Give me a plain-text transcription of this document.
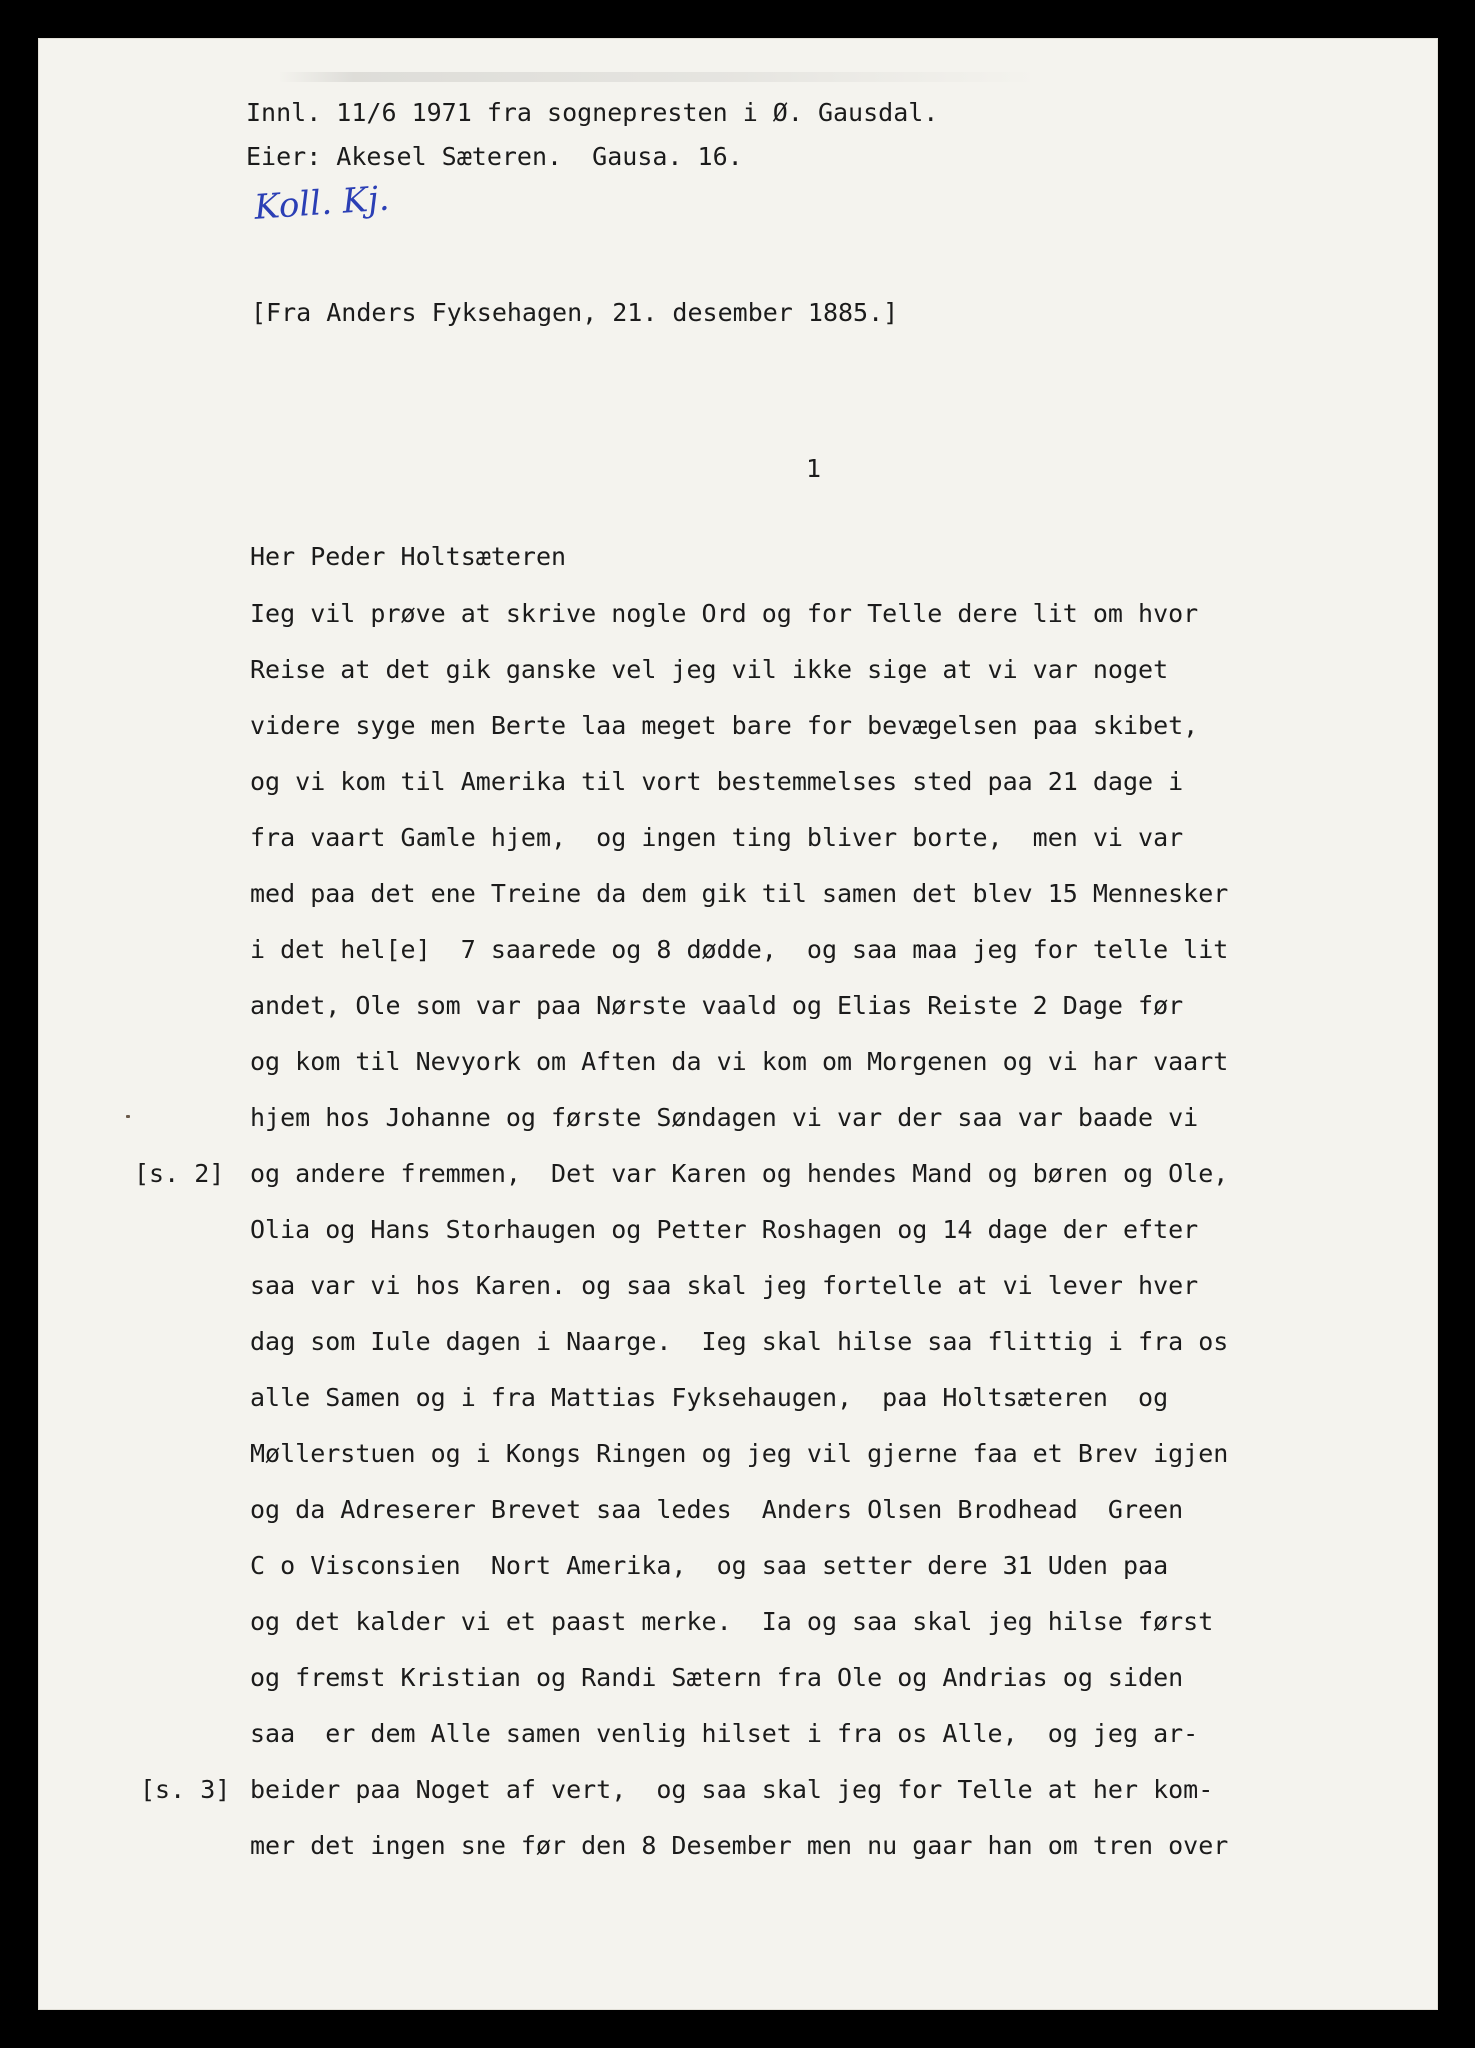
Innl. 11/6 1971 fra sognepresten i Ø. Gausdal.
Eier: Akesel Sæteren.  Gausa. 16.
Koll. Kj.
[Fra Anders Fyksehagen, 21. desember 1885.]
1
Her Peder Holtsæteren
Ieg vil prøve at skrive nogle Ord og for Telle dere lit om hvor
Reise at det gik ganske vel jeg vil ikke sige at vi var noget
videre syge men Berte laa meget bare for bevægelsen paa skibet,
og vi kom til Amerika til vort bestemmelses sted paa 21 dage i
fra vaart Gamle hjem,  og ingen ting bliver borte,  men vi var
med paa det ene Treine da dem gik til samen det blev 15 Mennesker
i det hel[e]  7 saarede og 8 dødde,  og saa maa jeg for telle lit
andet, Ole som var paa Nørste vaald og Elias Reiste 2 Dage før
og kom til Nevyork om Aften da vi kom om Morgenen og vi har vaart
hjem hos Johanne og første Søndagen vi var der saa var baade vi
og andere fremmen,  Det var Karen og hendes Mand og børen og Ole,
Olia og Hans Storhaugen og Petter Roshagen og 14 dage der efter
saa var vi hos Karen. og saa skal jeg fortelle at vi lever hver
dag som Iule dagen i Naarge.  Ieg skal hilse saa flittig i fra os
alle Samen og i fra Mattias Fyksehaugen,  paa Holtsæteren  og
Møllerstuen og i Kongs Ringen og jeg vil gjerne faa et Brev igjen
og da Adreserer Brevet saa ledes  Anders Olsen Brodhead  Green
C o Visconsien  Nort Amerika,  og saa setter dere 31 Uden paa
og det kalder vi et paast merke.  Ia og saa skal jeg hilse først
og fremst Kristian og Randi Sætern fra Ole og Andrias og siden
saa  er dem Alle samen venlig hilset i fra os Alle,  og jeg ar-
beider paa Noget af vert,  og saa skal jeg for Telle at her kom-
mer det ingen sne før den 8 Desember men nu gaar han om tren over
[s. 2]
[s. 3]
